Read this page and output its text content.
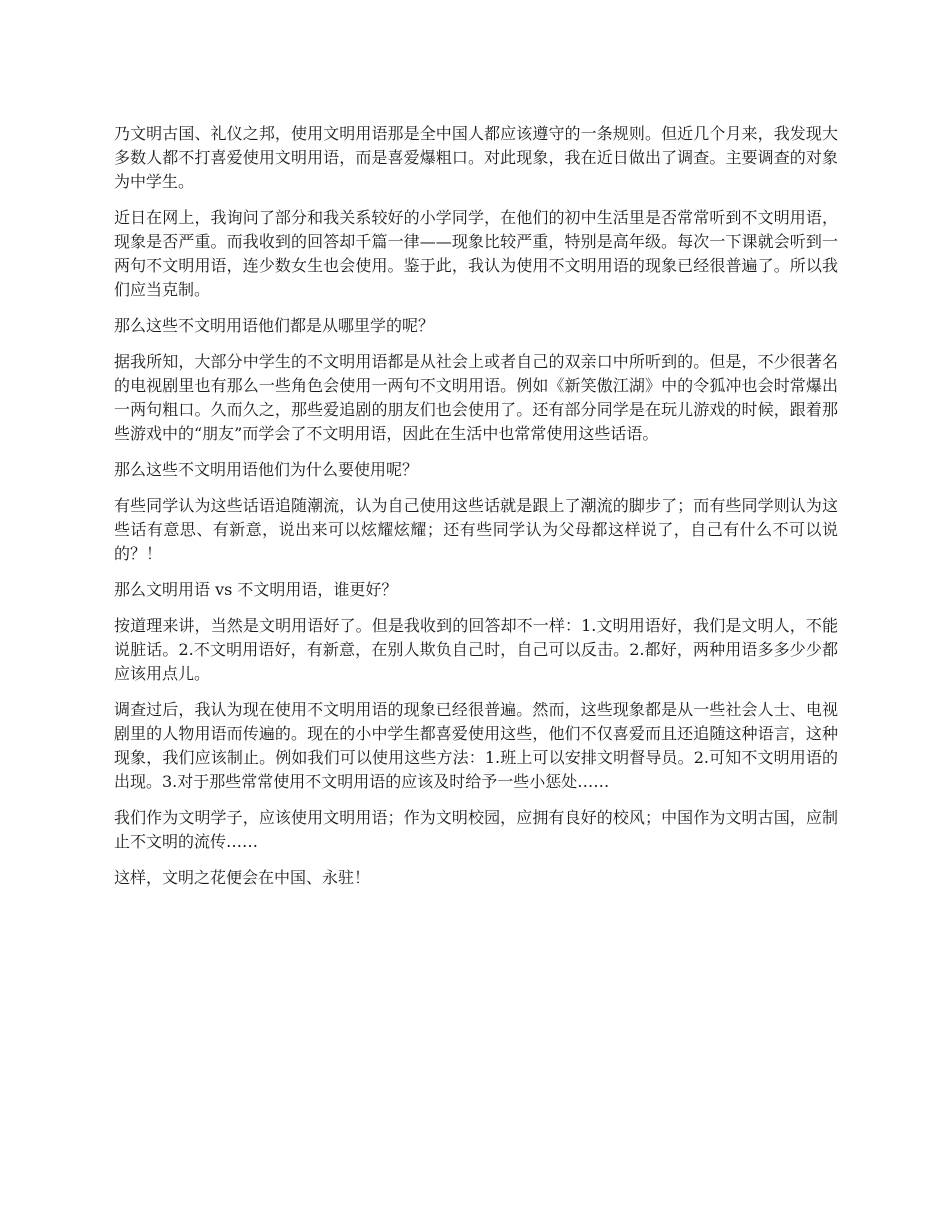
乃文明古国、礼仪之邦，使用文明用语那是全中国人都应该遵守的一条规则。但近几个月来，我发现大多数人都不打喜爱使用文明用语，而是喜爱爆粗口。对此现象，我在近日做出了调查。主要调查的对象为中学生。

近日在网上，我询问了部分和我关系较好的小学同学，在他们的初中生活里是否常常听到不文明用语，现象是否严重。而我收到的回答却千篇一律——现象比较严重，特别是高年级。每次一下课就会听到一两句不文明用语，连少数女生也会使用。鉴于此，我认为使用不文明用语的现象已经很普遍了。所以我们应当克制。

那么这些不文明用语他们都是从哪里学的呢？

据我所知，大部分中学生的不文明用语都是从社会上或者自己的双亲口中所听到的。但是，不少很著名的电视剧里也有那么一些角色会使用一两句不文明用语。例如《新笑傲江湖》中的令狐冲也会时常爆出一两句粗口。久而久之，那些爱追剧的朋友们也会使用了。还有部分同学是在玩儿游戏的时候，跟着那些游戏中的“朋友”而学会了不文明用语，因此在生活中也常常使用这些话语。

那么这些不文明用语他们为什么要使用呢？

有些同学认为这些话语追随潮流，认为自己使用这些话就是跟上了潮流的脚步了；而有些同学则认为这些话有意思、有新意，说出来可以炫耀炫耀；还有些同学认为父母都这样说了，自己有什么不可以说的？！

那么文明用语 vs 不文明用语，谁更好？

按道理来讲，当然是文明用语好了。但是我收到的回答却不一样：1.文明用语好，我们是文明人，不能说脏话。2.不文明用语好，有新意，在别人欺负自己时，自己可以反击。2.都好，两种用语多多少少都应该用点儿。

调查过后，我认为现在使用不文明用语的现象已经很普遍。然而，这些现象都是从一些社会人士、电视剧里的人物用语而传遍的。现在的小中学生都喜爱使用这些，他们不仅喜爱而且还追随这种语言，这种现象，我们应该制止。例如我们可以使用这些方法：1.班上可以安排文明督导员。2.可知不文明用语的出现。3.对于那些常常使用不文明用语的应该及时给予一些小惩处……

我们作为文明学子，应该使用文明用语；作为文明校园，应拥有良好的校风；中国作为文明古国，应制止不文明的流传……

这样，文明之花便会在中国、永驻！
